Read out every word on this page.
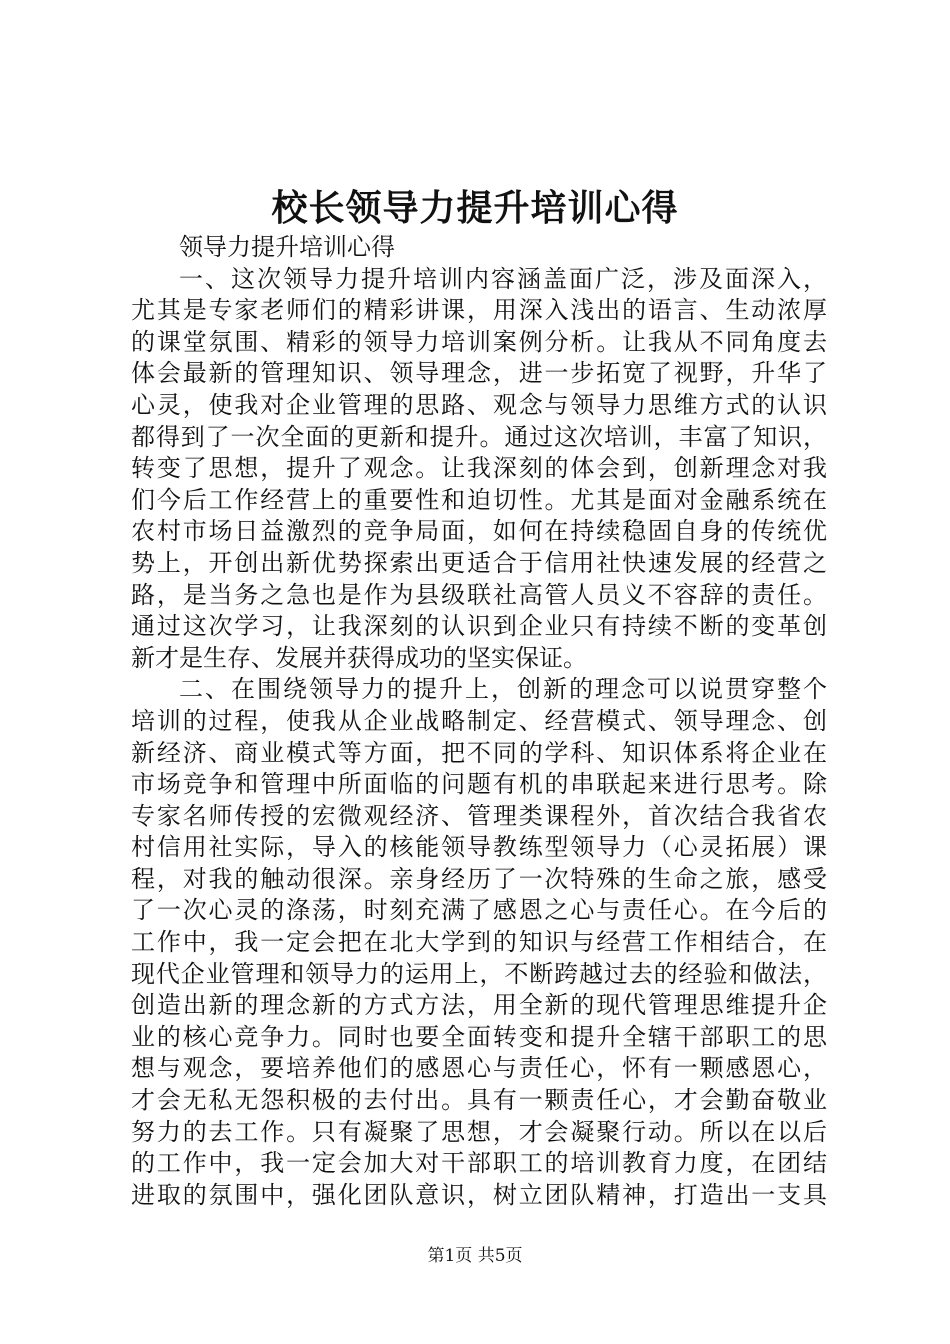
校长领导力提升培训心得
领导力提升培训心得
一、这次领导力提升培训内容涵盖面广泛，涉及面深入，
尤其是专家老师们的精彩讲课，用深入浅出的语言、生动浓厚
的课堂氛围、精彩的领导力培训案例分析。让我从不同角度去
体会最新的管理知识、领导理念，进一步拓宽了视野，升华了
心灵，使我对企业管理的思路、观念与领导力思维方式的认识
都得到了一次全面的更新和提升。通过这次培训，丰富了知识，
转变了思想，提升了观念。让我深刻的体会到，创新理念对我
们今后工作经营上的重要性和迫切性。尤其是面对金融系统在
农村市场日益激烈的竞争局面，如何在持续稳固自身的传统优
势上，开创出新优势探索出更适合于信用社快速发展的经营之
路，是当务之急也是作为县级联社高管人员义不容辞的责任。
通过这次学习，让我深刻的认识到企业只有持续不断的变革创
新才是生存、发展并获得成功的坚实保证。
二、在围绕领导力的提升上，创新的理念可以说贯穿整个
培训的过程，使我从企业战略制定、经营模式、领导理念、创
新经济、商业模式等方面，把不同的学科、知识体系将企业在
市场竞争和管理中所面临的问题有机的串联起来进行思考。除
专家名师传授的宏微观经济、管理类课程外，首次结合我省农
村信用社实际，导入的核能领导教练型领导力（心灵拓展）课
程，对我的触动很深。亲身经历了一次特殊的生命之旅，感受
了一次心灵的涤荡，时刻充满了感恩之心与责任心。在今后的
工作中，我一定会把在北大学到的知识与经营工作相结合，在
现代企业管理和领导力的运用上，不断跨越过去的经验和做法，
创造出新的理念新的方式方法，用全新的现代管理思维提升企
业的核心竞争力。同时也要全面转变和提升全辖干部职工的思
想与观念，要培养他们的感恩心与责任心，怀有一颗感恩心，
才会无私无怨积极的去付出。具有一颗责任心，才会勤奋敬业
努力的去工作。只有凝聚了思想，才会凝聚行动。所以在以后
的工作中，我一定会加大对干部职工的培训教育力度，在团结
进取的氛围中，强化团队意识，树立团队精神，打造出一支具
第1页 共5页
